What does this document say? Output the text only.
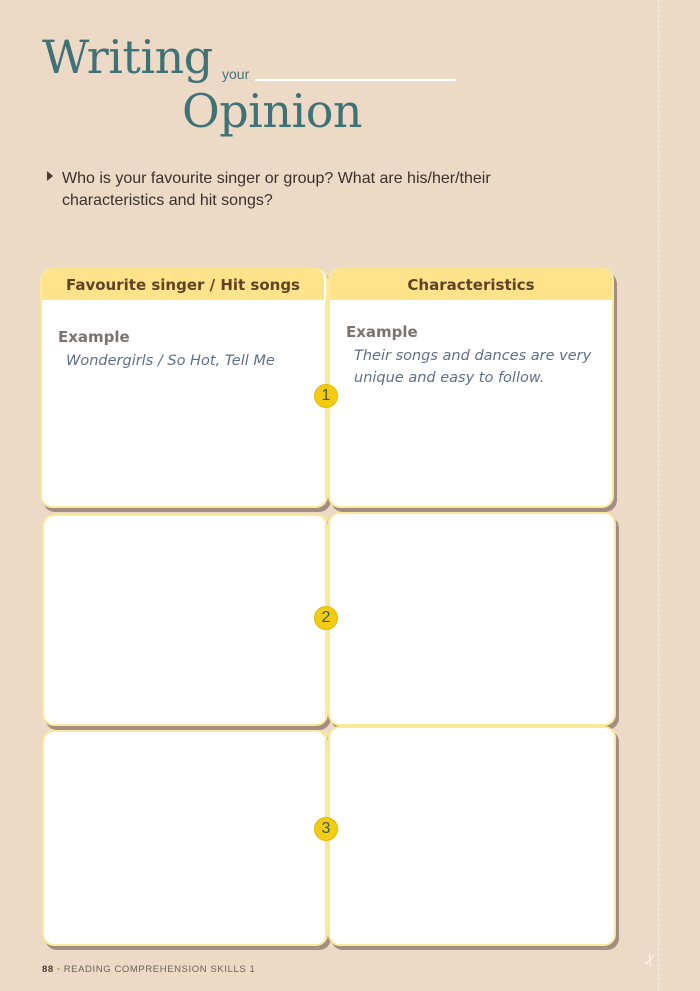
✂
Writing your
Opinion
Who is your favourite singer or group? What are his/her/their characteristics and hit songs?
Favourite singer / Hit songs
Example
Wondergirls / So Hot, Tell Me
Characteristics
Example
Their songs and dances are very unique and easy to follow.
1
2
3
88 • READING COMPREHENSION SKILLS 1
